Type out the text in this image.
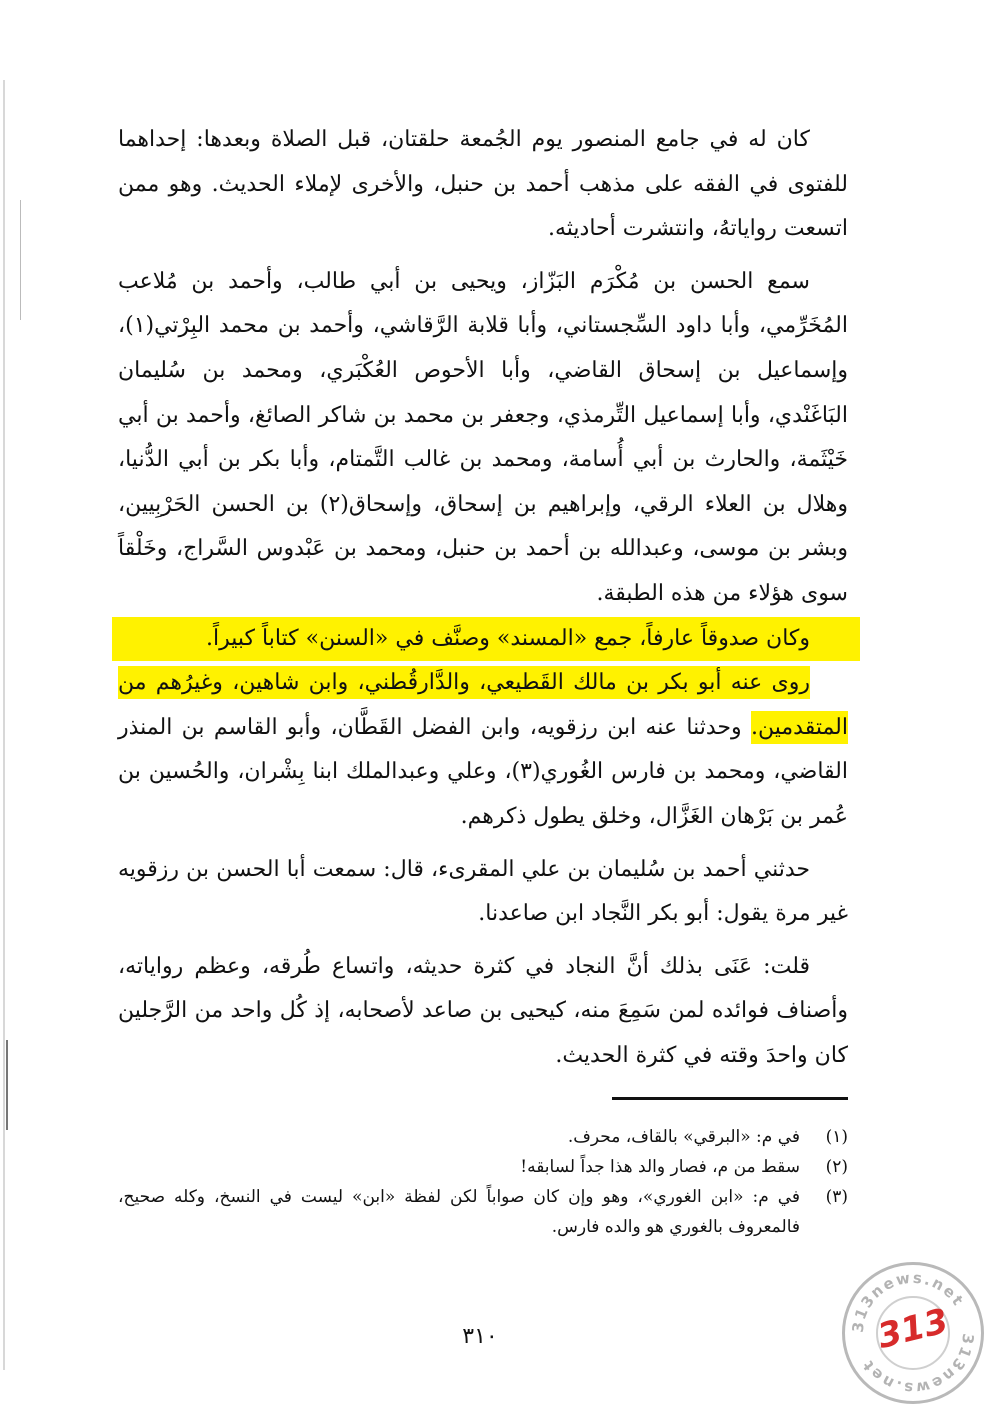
كان له في جامع المنصور يوم الجُمعة حلقتان، قبل الصلاة وبعدها: إحداهما للفتوى في الفقه على مذهب أحمد بن حنبل، والأخرى لإملاء الحديث. وهو ممن اتسعت رواياتهُ، وانتشرت أحاديثه.

سمع الحسن بن مُكْرَم البَزّاز، ويحيى بن أبي طالب، وأحمد بن مُلاعب المُخَرِّمي، وأبا داود السِّجستاني، وأبا قلابة الرَّقاشي، وأحمد بن محمد البِرْتي(١)، وإسماعيل بن إسحاق القاضي، وأبا الأحوص العُكْبَري، ومحمد بن سُليمان البَاغَنْدي، وأبا إسماعيل التِّرمذي، وجعفر بن محمد بن شاكر الصائغ، وأحمد بن أبي خَيْثَمة، والحارث بن أبي أُسامة، ومحمد بن غالب التَّمتام، وأبا بكر بن أبي الدُّنيا، وهلال بن العلاء الرقي، وإبراهيم بن إسحاق، وإسحاق(٢) بن الحسن الحَرْبِيين، وبشر بن موسى، وعبدالله بن أحمد بن حنبل، ومحمد بن عَبْدوس السَّراج، وخَلْقاً سوى هؤلاء من هذه الطبقة.

وكان صدوقاً عارفاً، جمع «المسند» وصنَّف في «السنن» كتاباً كبيراً.

روى عنه أبو بكر بن مالك القَطيعي، والدَّارقُطني، وابن شاهين، وغيرُهم من المتقدمين. وحدثنا عنه ابن رزقويه، وابن الفضل القَطَّان، وأبو القاسم بن المنذر القاضي، ومحمد بن فارس الغُوري(٣)، وعلي وعبدالملك ابنا بِشْران، والحُسين بن عُمر بن بَرْهان الغَزَّال، وخلق يطول ذكرهم.

حدثني أحمد بن سُليمان بن علي المقرىء، قال: سمعت أبا الحسن بن رزقويه غير مرة يقول: أبو بكر النَّجاد ابن صاعدنا.

قلت: عَنَى بذلك أنَّ النجاد في كثرة حديثه، واتساع طُرقه، وعظم رواياته، وأصناف فوائده لمن سَمِعَ منه، كيحيى بن صاعد لأصحابه، إذ كُل واحد من الرَّجلين كان واحدَ وقته في كثرة الحديث.

(١)
في م: «البرقي» بالقاف، محرف.
(٢)
سقط من م، فصار والد هذا جداً لسابقه!
(٣)
في م: «ابن الغوري»، وهو وإن كان صواباً لكن لفظة «ابن» ليست في النسخ، وكله صحيح، فالمعروف بالغوري هو والده فارس.
٣١٠	313news.net
313news.net
313
